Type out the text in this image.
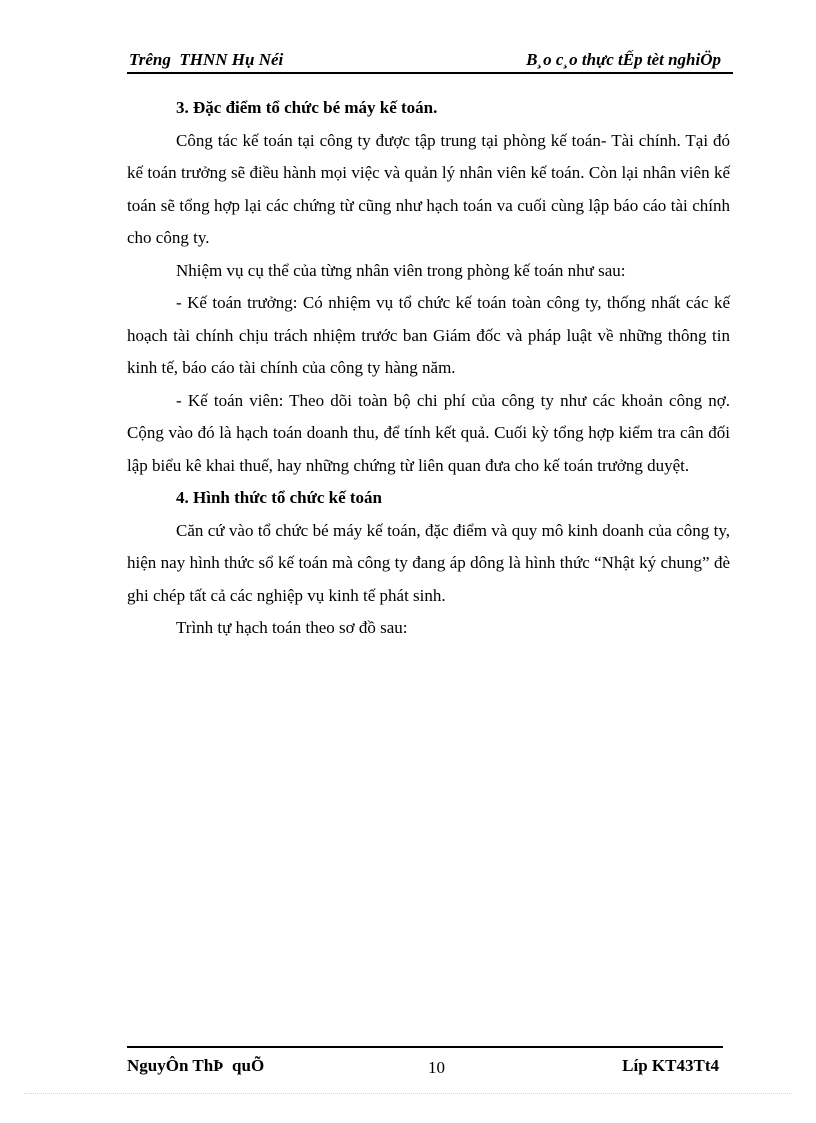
Trêng  THNN Hụ Néi	B¸o c¸o thực tẾp tèt nghiÖp

3. Đặc điểm tổ chức bé máy kế toán.

Công tác kế toán tại công ty được tập trung tại phòng kế toán- Tài chính. Tại đó kế toán trưởng sẽ điều hành mọi việc và quản lý nhân viên kế toán. Còn lại nhân viên kế toán sẽ tổng hợp lại các chứng từ cũng như hạch toán va cuối cùng lập báo cáo tài chính cho công ty.

Nhiệm vụ cụ thể của từng nhân viên trong phòng kế toán như sau:

- Kế toán trưởng: Có nhiệm vụ tổ chức kế toán toàn công ty, thống nhất các kế hoạch tài chính chịu trách nhiệm trước ban Giám đốc và pháp luật về những thông tin kinh tế, báo cáo tài chính của công ty hàng năm.

- Kế toán viên: Theo dõi toàn bộ chi phí của công ty như các khoản công nợ. Cộng vào đó là hạch toán doanh thu, để tính kết quả. Cuối kỳ tổng hợp kiểm tra cân đối lập biểu kê khai thuế, hay những chứng từ liên quan đưa cho kế toán trưởng duyệt.

4. Hình thức tổ chức kế toán

Căn cứ vào tổ chức bé máy kế toán, đặc điểm và quy mô kinh doanh của công ty, hiện nay hình thức sổ kế toán mà công ty đang áp dông là hình thức “Nhật ký chung” đè ghi chép tất cả các nghiệp vụ kinh tế phát sinh.

Trình tự hạch toán theo sơ đồ sau:

NguyÔn ThÞ  quÕ	10	Líp KT43Tt4
